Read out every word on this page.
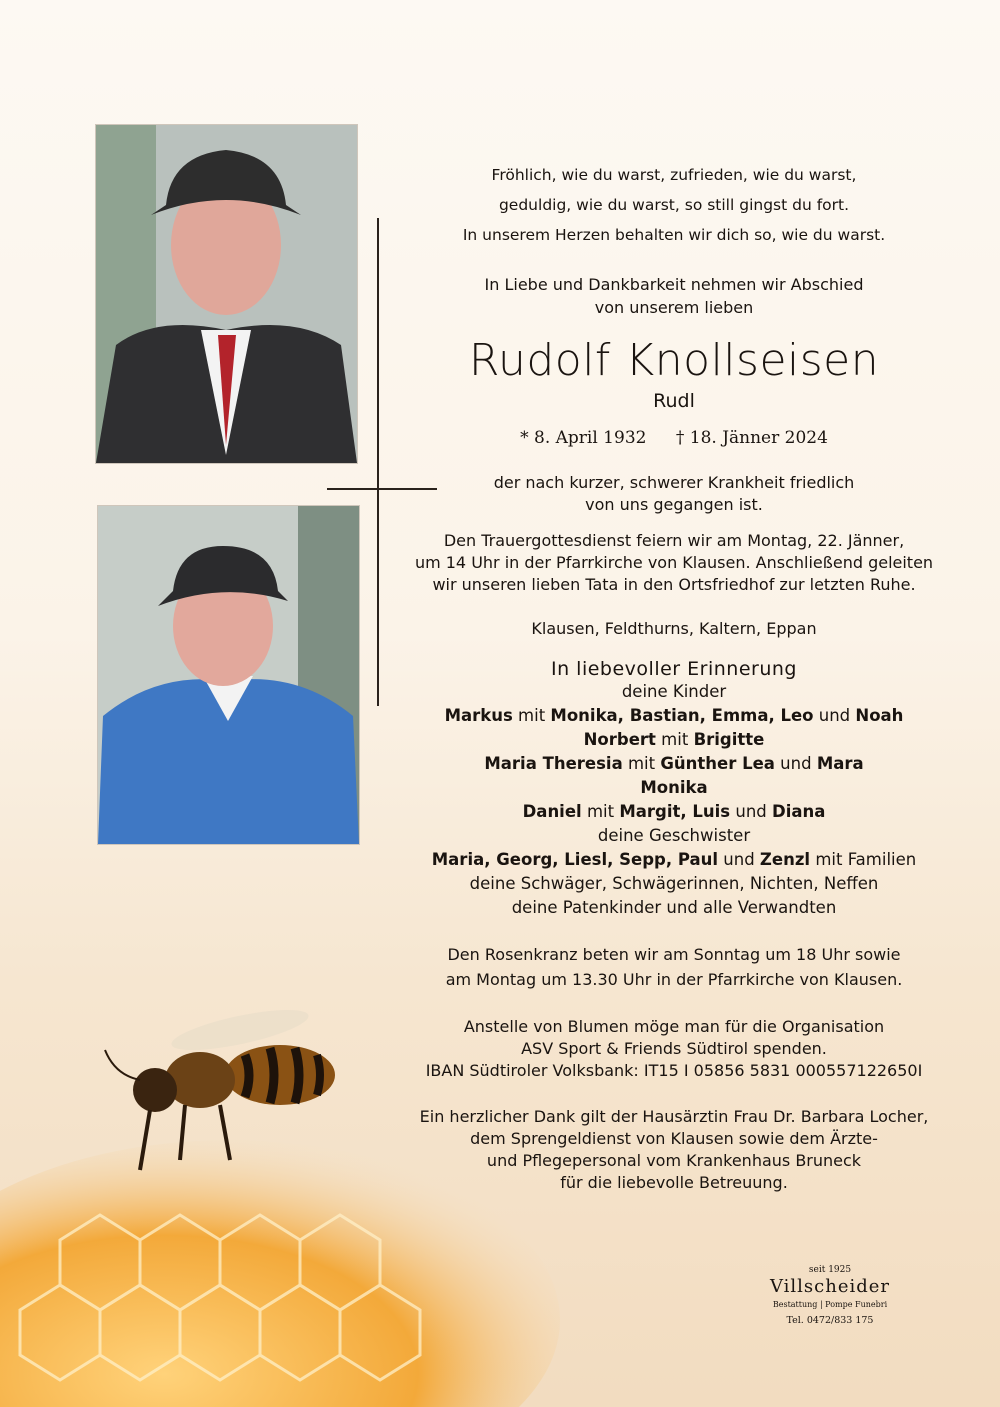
Fröhlich, wie du warst, zufrieden, wie du warst,
geduldig, wie du warst, so still gingst du fort.
In unserem Herzen behalten wir dich so, wie du warst.
In Liebe und Dankbarkeit nehmen wir Abschied
von unserem lieben
Rudolf Knollseisen
Rudl
* 8. April 1932 † 18. Jänner 2024
der nach kurzer, schwerer Krankheit friedlich
von uns gegangen ist.
Den Trauergottesdienst feiern wir am Montag, 22. Jänner,
um 14 Uhr in der Pfarrkirche von Klausen. Anschließend geleiten
wir unseren lieben Tata in den Ortsfriedhof zur letzten Ruhe.
Klausen, Feldthurns, Kaltern, Eppan
In liebevoller Erinnerung
deine Kinder
Markus mit Monika, Bastian, Emma, Leo und Noah
Norbert mit Brigitte
Maria Theresia mit Günther Lea und Mara
Monika
Daniel mit Margit, Luis und Diana
deine Geschwister
Maria, Georg, Liesl, Sepp, Paul und Zenzl mit Familien
deine Schwäger, Schwägerinnen, Nichten, Neffen
deine Patenkinder und alle Verwandten
Den Rosenkranz beten wir am Sonntag um 18 Uhr sowie
am Montag um 13.30 Uhr in der Pfarrkirche von Klausen.
Anstelle von Blumen möge man für die Organisation
ASV Sport & Friends Südtirol spenden.
IBAN Südtiroler Volksbank: IT15 I 05856 5831 000557122650I
Ein herzlicher Dank gilt der Hausärztin Frau Dr. Barbara Locher,
dem Sprengeldienst von Klausen sowie dem Ärzte-
und Pflegepersonal vom Krankenhaus Bruneck
für die liebevolle Betreuung.
seit 1925
Villscheider
Bestattung | Pompe Funebri
Tel. 0472/833 175
